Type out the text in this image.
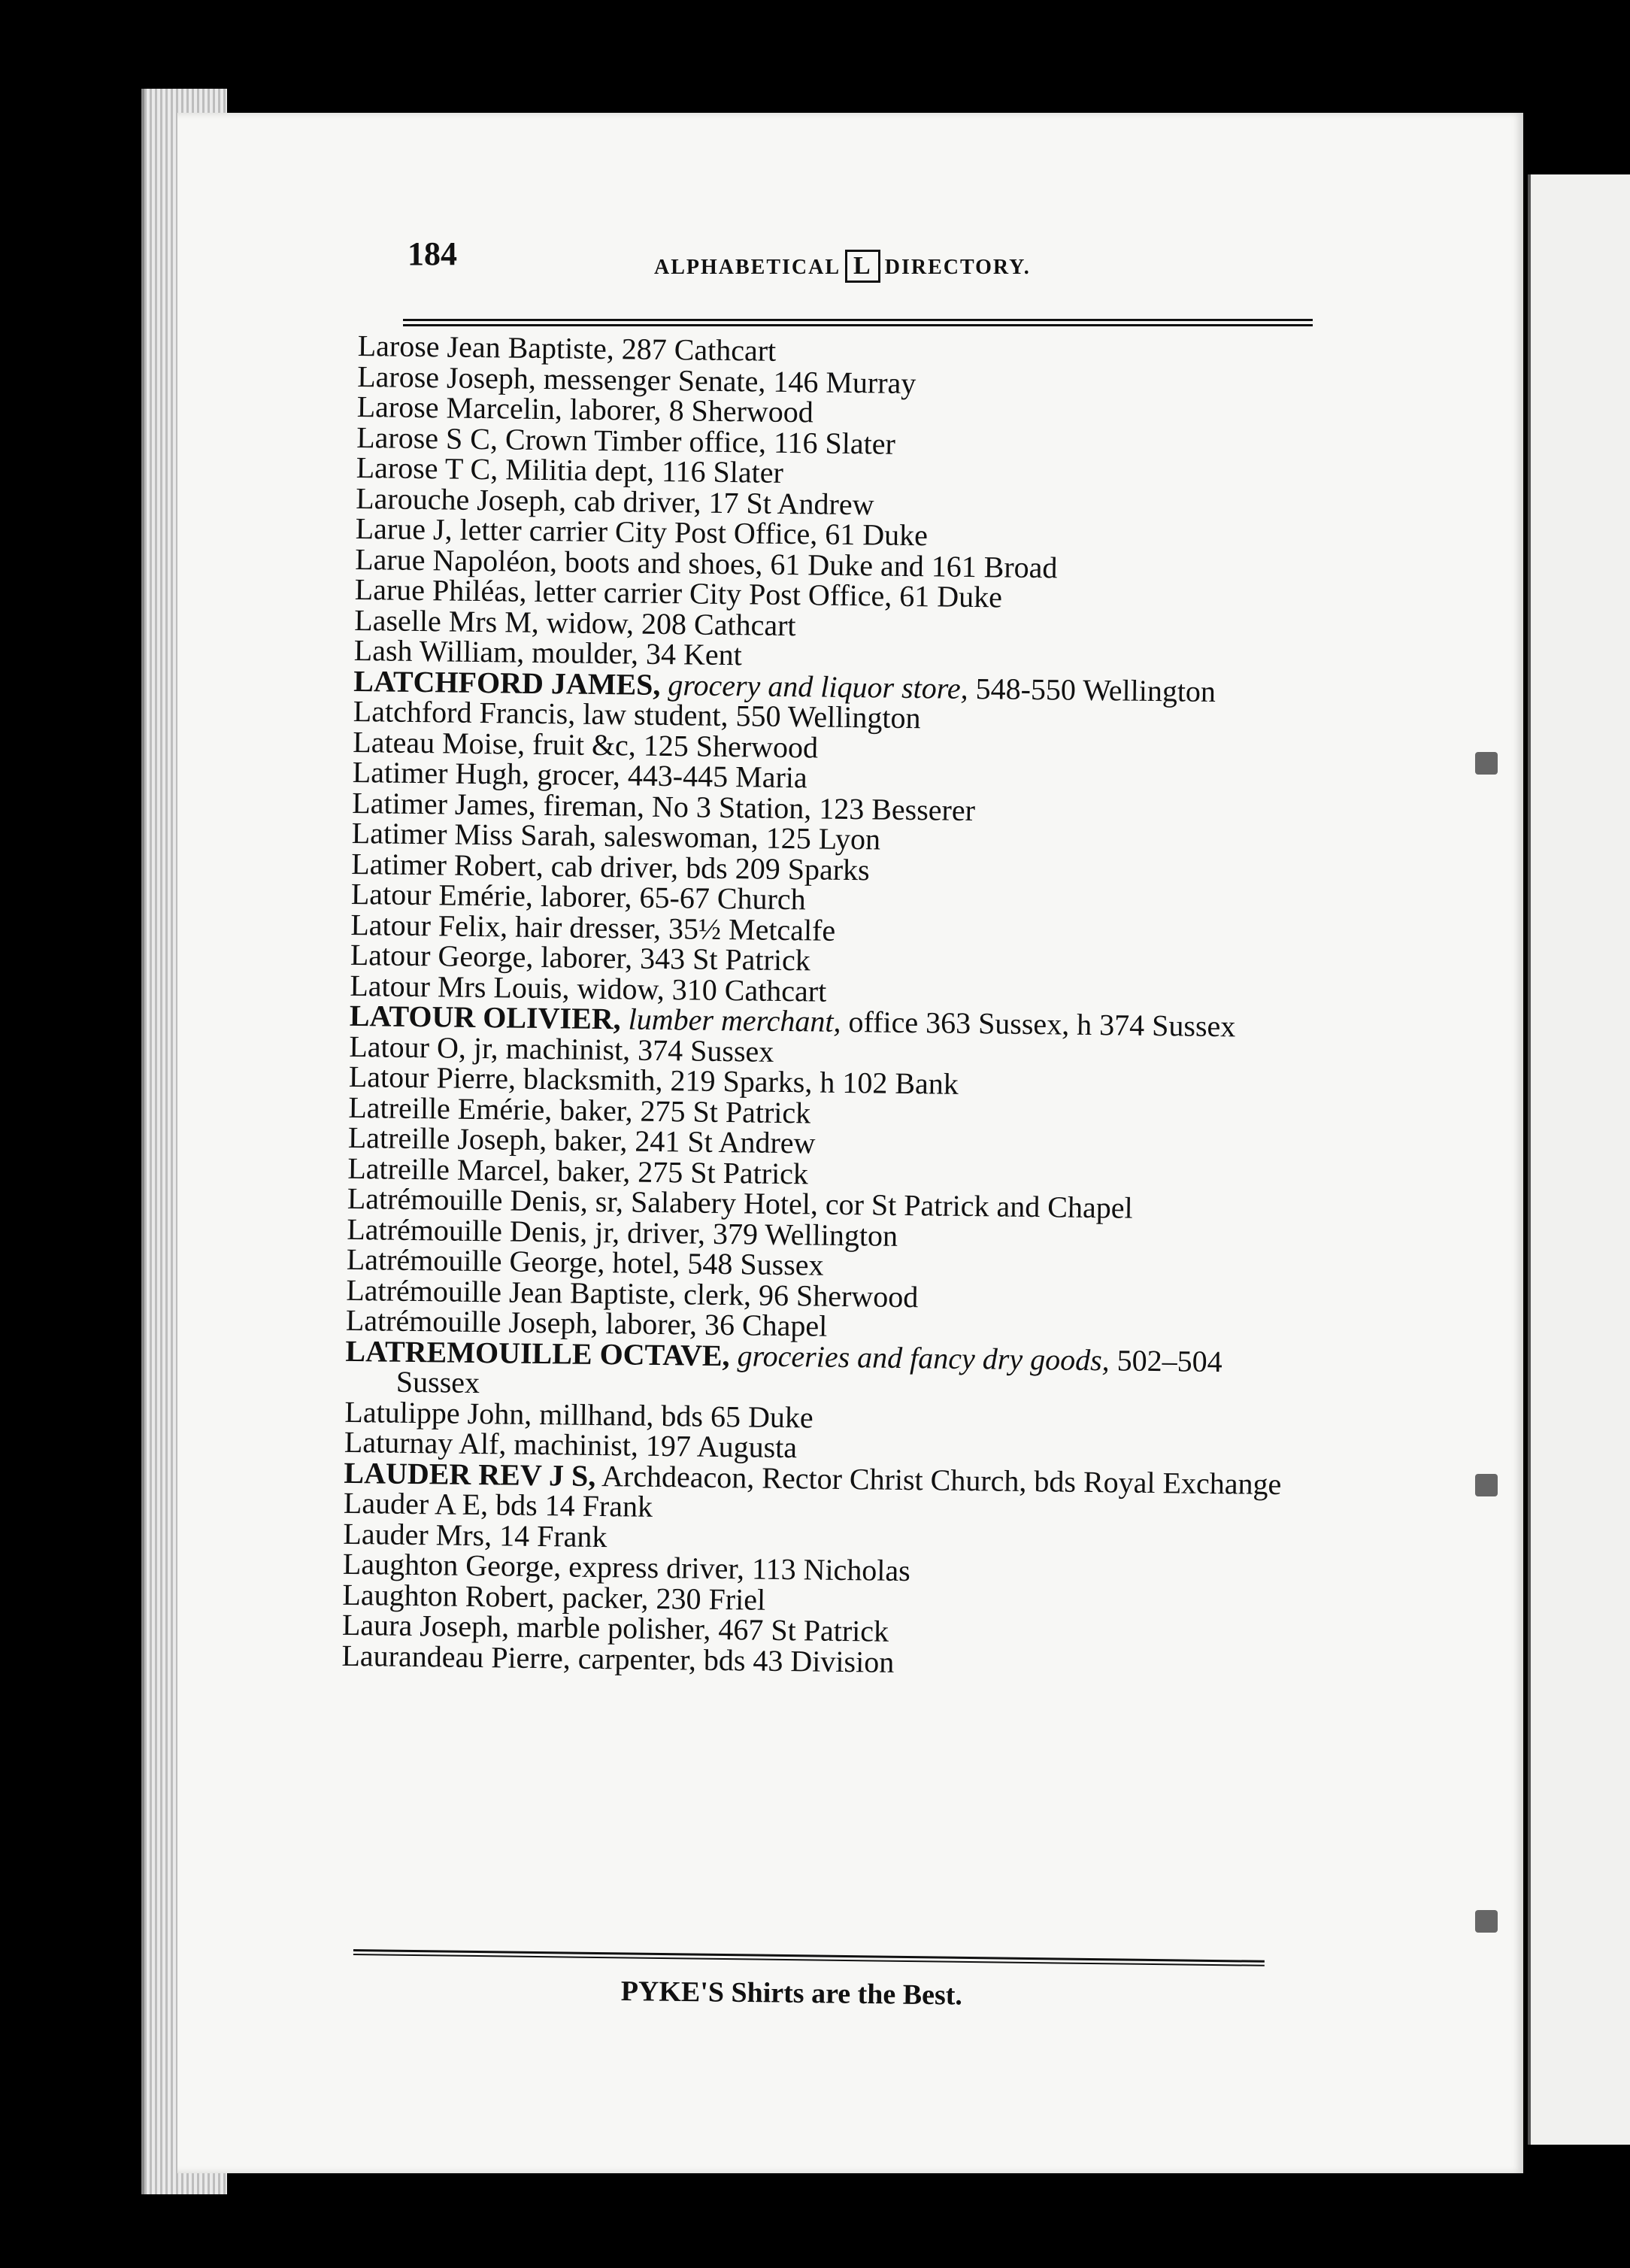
184	ALPHABETICAL L DIRECTORY.
Larose Jean Baptiste, 287 Cathcart
Larose Joseph, messenger Senate, 146 Murray
Larose Marcelin, laborer, 8 Sherwood
Larose S C, Crown Timber office, 116 Slater
Larose T C, Militia dept, 116 Slater
Larouche Joseph, cab driver, 17 St Andrew
Larue J, letter carrier City Post Office, 61 Duke
Larue Napoléon, boots and shoes, 61 Duke and 161 Broad
Larue Philéas, letter carrier City Post Office, 61 Duke
Laselle Mrs M, widow, 208 Cathcart
Lash William, moulder, 34 Kent
LATCHFORD JAMES, grocery and liquor store, 548-550 Wellington
Latchford Francis, law student, 550 Wellington
Lateau Moise, fruit &c, 125 Sherwood
Latimer Hugh, grocer, 443-445 Maria
Latimer James, fireman, No 3 Station, 123 Besserer
Latimer Miss Sarah, saleswoman, 125 Lyon
Latimer Robert, cab driver, bds 209 Sparks
Latour Emérie, laborer, 65-67 Church
Latour Felix, hair dresser, 35½ Metcalfe
Latour George, laborer, 343 St Patrick
Latour Mrs Louis, widow, 310 Cathcart
LATOUR OLIVIER, lumber merchant, office 363 Sussex, h 374 Sussex
Latour O, jr, machinist, 374 Sussex
Latour Pierre, blacksmith, 219 Sparks, h 102 Bank
Latreille Emérie, baker, 275 St Patrick
Latreille Joseph, baker, 241 St Andrew
Latreille Marcel, baker, 275 St Patrick
Latrémouille Denis, sr, Salabery Hotel, cor St Patrick and Chapel
Latrémouille Denis, jr, driver, 379 Wellington
Latrémouille George, hotel, 548 Sussex
Latrémouille Jean Baptiste, clerk, 96 Sherwood
Latrémouille Joseph, laborer, 36 Chapel
LATREMOUILLE OCTAVE, groceries and fancy dry goods, 502–504 Sussex
Latulippe John, millhand, bds 65 Duke
Laturnay Alf, machinist, 197 Augusta
LAUDER REV J S, Archdeacon, Rector Christ Church, bds Royal Exchange
Lauder A E, bds 14 Frank
Lauder Mrs, 14 Frank
Laughton George, express driver, 113 Nicholas
Laughton Robert, packer, 230 Friel
Laura Joseph, marble polisher, 467 St Patrick
Laurandeau Pierre, carpenter, bds 43 Division
PYKE'S Shirts are the Best.
